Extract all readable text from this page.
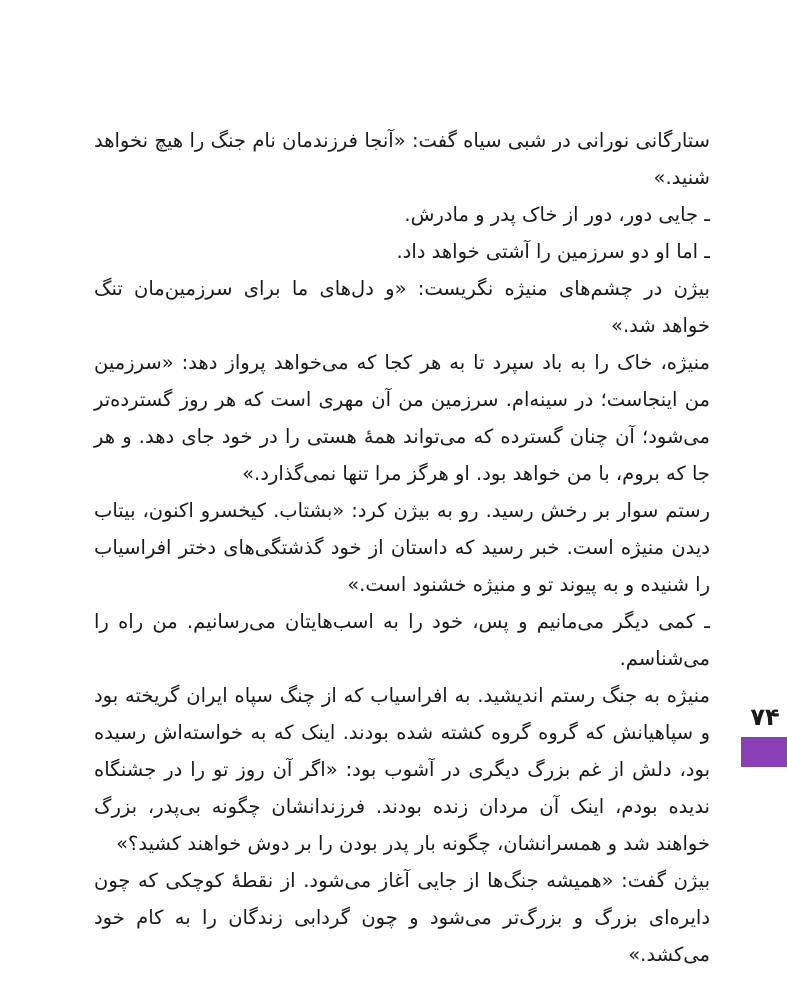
ستارگانی نورانی در شبی سیاه گفت: «آنجا فرزندمان نام جنگ را هیچ نخواهد شنید.»

ـ جایی دور، دور از خاک پدر و مادرش.

ـ اما او دو سرزمین را آشتی خواهد داد.

بیژن در چشم‌های منیژه نگریست: «و دل‌های ما برای سرزمین‌مان تنگ خواهد شد.»

منیژه، خاک را به باد سپرد تا به هر کجا که می‌خواهد پرواز دهد: «سرزمین من اینجاست؛ در سینه‌ام. سرزمین من آن مهری است که هر روز گسترده‌تر می‌شود؛ آن چنان گسترده که می‌تواند همهٔ هستی را در خود جای دهد. و هر جا که بروم، با من خواهد بود. او هرگز مرا تنها نمی‌گذارد.»

رستم سوار بر رخش رسید. رو به بیژن کرد: «بشتاب. کیخسرو اکنون، بیتاب دیدن منیژه است. خبر رسید که داستان از خود گذشتگی‌های دختر افراسیاب را شنیده و به پیوند تو و منیژه خشنود است.»

ـ کمی دیگر می‌مانیم و پس، خود را به اسب‌هایتان می‌رسانیم. من راه را می‌شناسم.

منیژه به جنگ رستم اندیشید. به افراسیاب که از چنگ سپاه ایران گریخته بود و سپاهیانش که گروه گروه کشته شده بودند. اینک که به خواسته‌اش رسیده بود، دلش از غم بزرگ دیگری در آشوب بود: «اگر آن روز تو را در جشنگاه ندیده بودم، اینک آن مردان زنده بودند. فرزندانشان چگونه بی‌پدر، بزرگ خواهند شد و همسرانشان، چگونه بار پدر بودن را بر دوش خواهند کشید؟»

بیژن گفت: «همیشه جنگ‌ها از جایی آغاز می‌شود. از نقطهٔ کوچکی که چون دایره‌ای بزرگ و بزرگ‌تر می‌شود و چون گردابی زندگان را به کام خود می‌کشد.»

۷۴
